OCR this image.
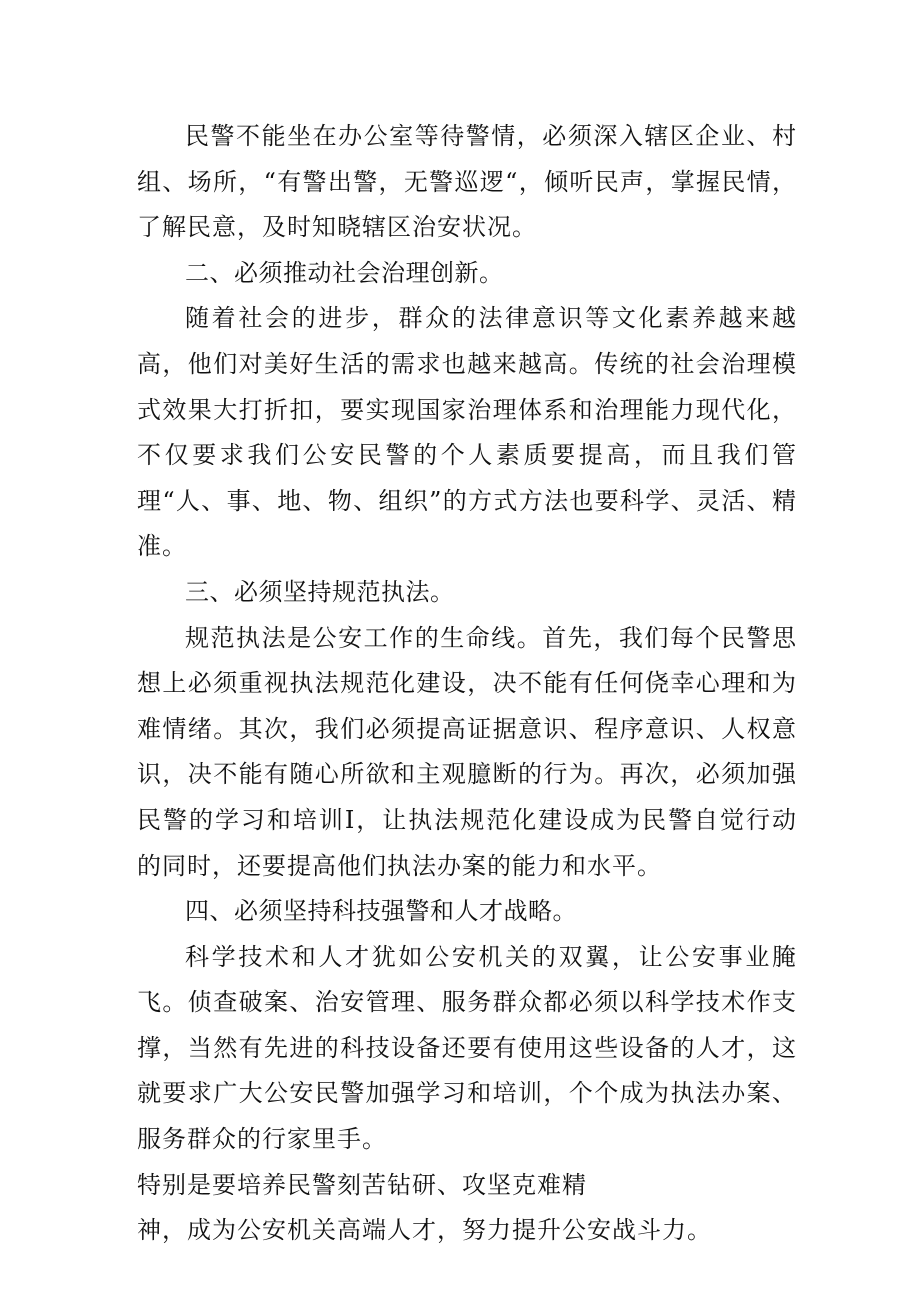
民警不能坐在办公室等待警情，必须深入辖区企业、村组、场所，“有警出警，无警巡逻“，倾听民声，掌握民情，了解民意，及时知晓辖区治安状况。

二、必须推动社会治理创新。

随着社会的进步，群众的法律意识等文化素养越来越高，他们对美好生活的需求也越来越高。传统的社会治理模式效果大打折扣，要实现国家治理体系和治理能力现代化，不仅要求我们公安民警的个人素质要提高，而且我们管理“人、事、地、物、组织”的方式方法也要科学、灵活、精准。

三、必须坚持规范执法。

规范执法是公安工作的生命线。首先，我们每个民警思想上必须重视执法规范化建设，决不能有任何侥幸心理和为难情绪。其次，我们必须提高证据意识、程序意识、人权意识，决不能有随心所欲和主观臆断的行为。再次，必须加强民警的学习和培训I，让执法规范化建设成为民警自觉行动的同时，还要提高他们执法办案的能力和水平。

四、必须坚持科技强警和人才战略。

科学技术和人才犹如公安机关的双翼，让公安事业腌飞。侦查破案、治安管理、服务群众都必须以科学技术作支撑，当然有先进的科技设备还要有使用这些设备的人才，这就要求广大公安民警加强学习和培训，个个成为执法办案、服务群众的行家里手。

特别是要培养民警刻苦钻研、攻坚克难精

神，成为公安机关高端人才，努力提升公安战斗力。
